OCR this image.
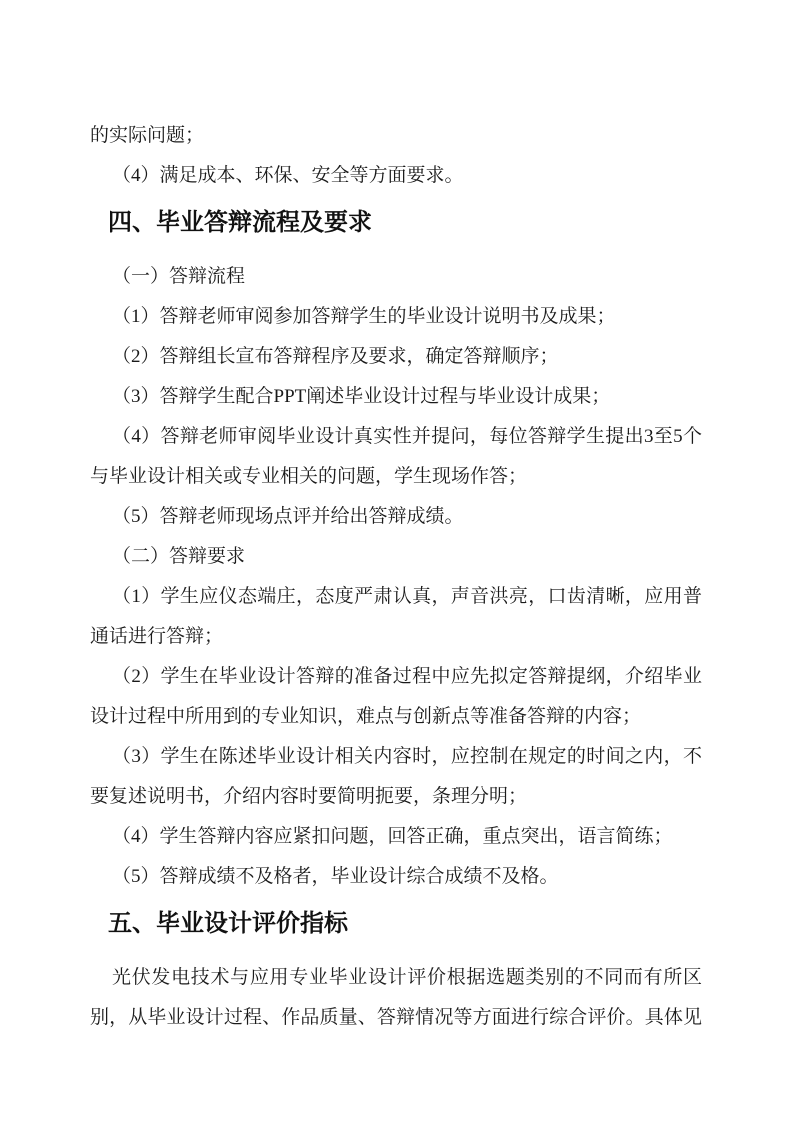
的实际问题；
（4）满足成本、环保、安全等方面要求。
四、毕业答辩流程及要求
（一）答辩流程
（1）答辩老师审阅参加答辩学生的毕业设计说明书及成果；
（2）答辩组长宣布答辩程序及要求，确定答辩顺序；
（3）答辩学生配合PPT阐述毕业设计过程与毕业设计成果；
（4）答辩老师审阅毕业设计真实性并提问，每位答辩学生提出3至5个
与毕业设计相关或专业相关的问题，学生现场作答；
（5）答辩老师现场点评并给出答辩成绩。
（二）答辩要求
（1）学生应仪态端庄，态度严肃认真，声音洪亮，口齿清晰，应用普
通话进行答辩；
（2）学生在毕业设计答辩的准备过程中应先拟定答辩提纲，介绍毕业
设计过程中所用到的专业知识，难点与创新点等准备答辩的内容；
（3）学生在陈述毕业设计相关内容时，应控制在规定的时间之内，不
要复述说明书，介绍内容时要简明扼要，条理分明；
（4）学生答辩内容应紧扣问题，回答正确，重点突出，语言简练；
（5）答辩成绩不及格者，毕业设计综合成绩不及格。
五、毕业设计评价指标
光伏发电技术与应用专业毕业设计评价根据选题类别的不同而有所区
别，从毕业设计过程、作品质量、答辩情况等方面进行综合评价。具体见
